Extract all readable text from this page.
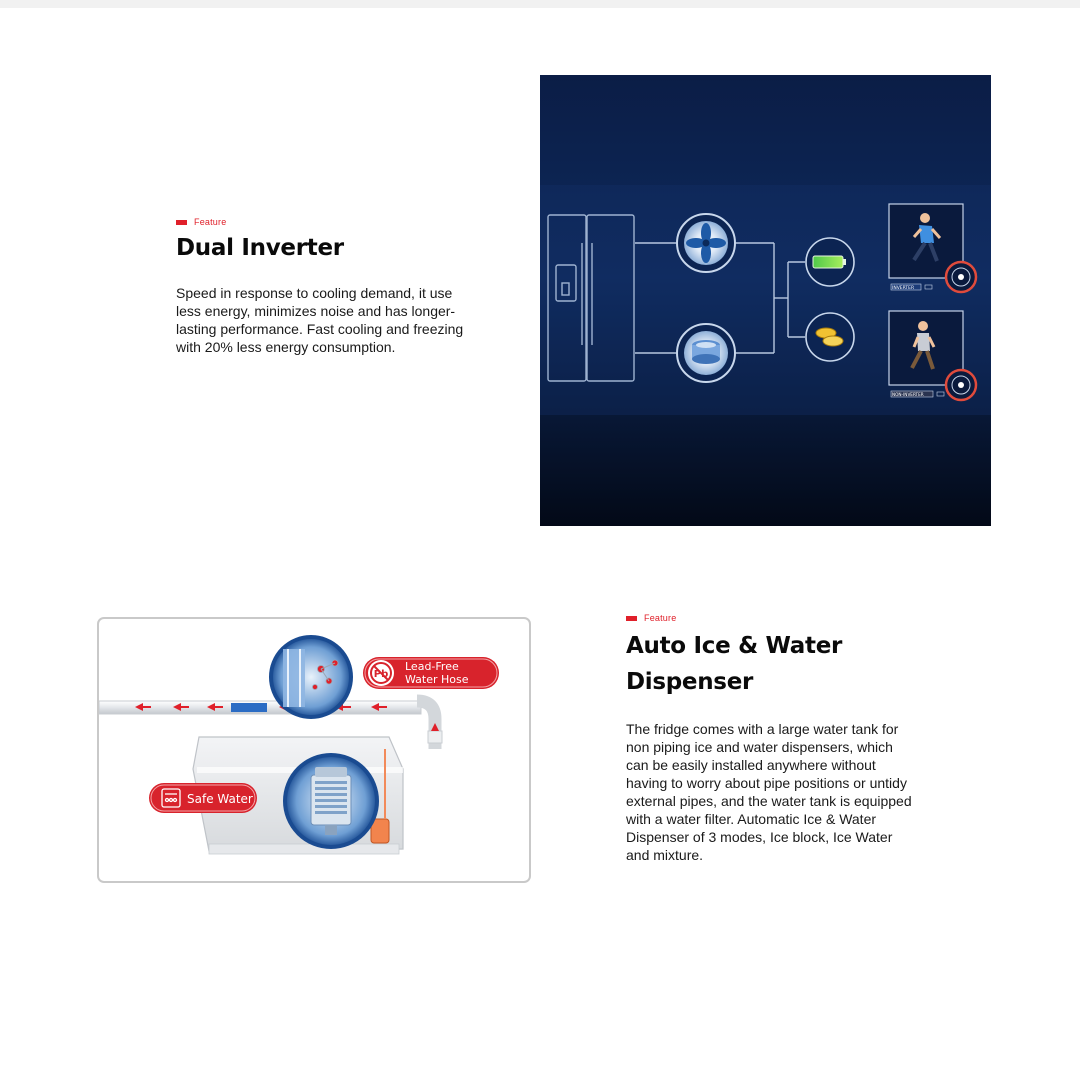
Feature
Dual Inverter

Speed in response to cooling demand, it use less energy, minimizes noise and has longer-lasting performance. Fast cooling and freezing with 20% less energy consumption.

INVERTER
NON-INVERTER
Pb
Lead-Free
Water Hose
Safe Water
Feature
Auto Ice & Water
Dispenser

The fridge comes with a large water tank for non piping ice and water dispensers, which can be easily installed anywhere without having to worry about pipe positions or untidy external pipes, and the water tank is equipped with a water filter. Automatic Ice & Water Dispenser of 3 modes, Ice block, Ice Water and mixture.
